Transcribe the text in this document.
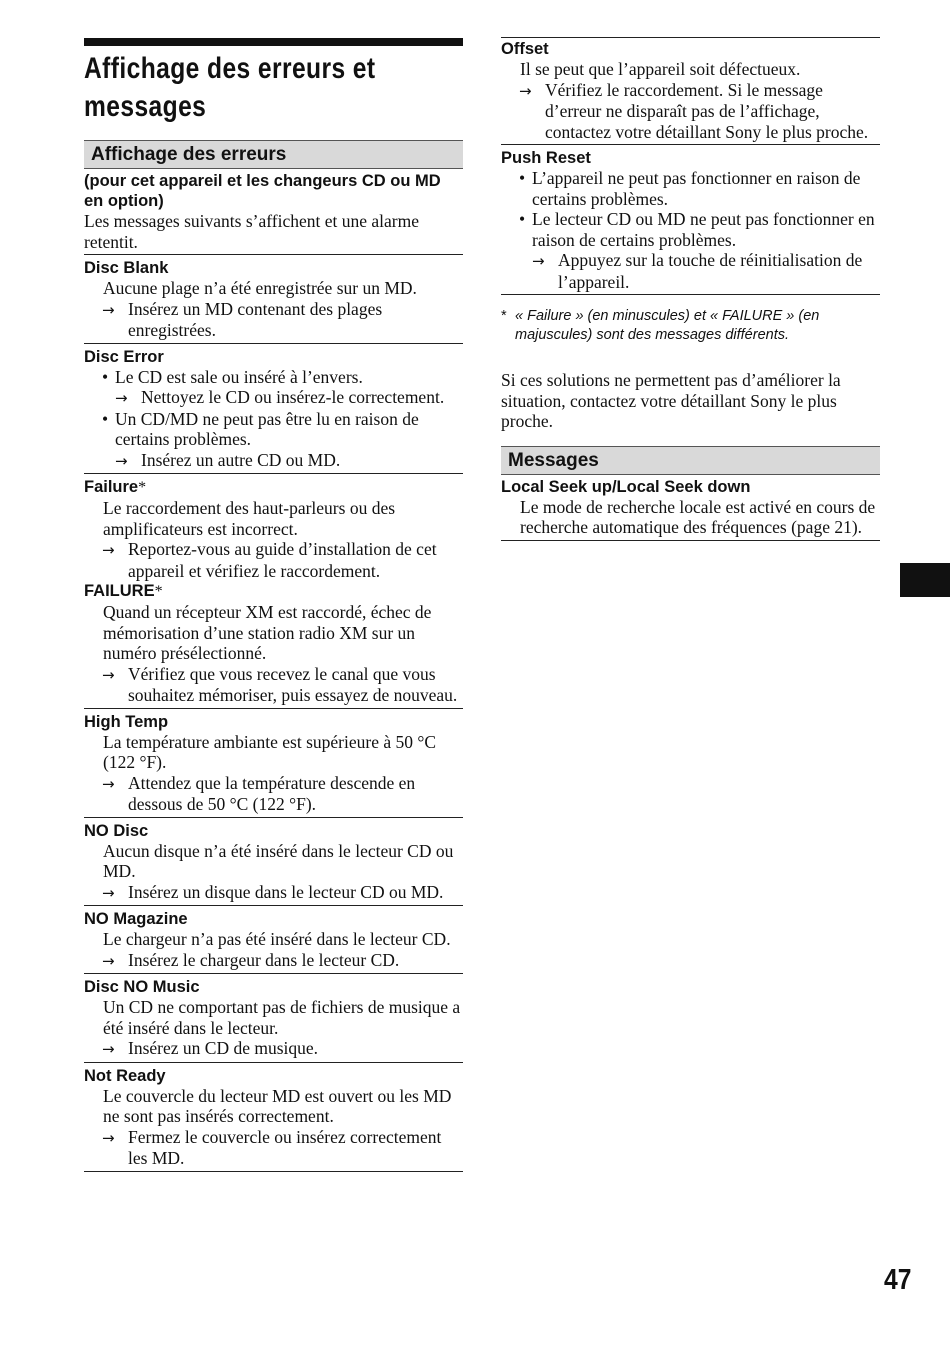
Affichage des erreurs et messages
Affichage des erreurs
(pour cet appareil et les changeurs CD ou MD en option)
Les messages suivants s’affichent et une alarme retentit.
Disc Blank
Aucune plage n’a été enregistrée sur un MD.
→ Insérez un MD contenant des plages enregistrées.
Disc Error
• Le CD est sale ou inséré à l’envers.
→ Nettoyez le CD ou insérez-le correctement.
• Un CD/MD ne peut pas être lu en raison de certains problèmes.
→ Insérez un autre CD ou MD.
Failure*
Le raccordement des haut-parleurs ou des amplificateurs est incorrect.
→ Reportez-vous au guide d’installation de cet appareil et vérifiez le raccordement.
FAILURE*
Quand un récepteur XM est raccordé, échec de mémorisation d’une station radio XM sur un numéro présélectionné.
→ Vérifiez que vous recevez le canal que vous souhaitez mémoriser, puis essayez de nouveau.
High Temp
La température ambiante est supérieure à 50 °C (122 °F).
→ Attendez que la température descende en dessous de 50 °C (122 °F).
NO Disc
Aucun disque n’a été inséré dans le lecteur CD ou MD.
→ Insérez un disque dans le lecteur CD ou MD.
NO Magazine
Le chargeur n’a pas été inséré dans le lecteur CD.
→ Insérez le chargeur dans le lecteur CD.
Disc NO Music
Un CD ne comportant pas de fichiers de musique a été inséré dans le lecteur.
→ Insérez un CD de musique.
Not Ready
Le couvercle du lecteur MD est ouvert ou les MD ne sont pas insérés correctement.
→ Fermez le couvercle ou insérez correctement les MD.
Offset
Il se peut que l’appareil soit défectueux.
→ Vérifiez le raccordement. Si le message d’erreur ne disparaît pas de l’affichage, contactez votre détaillant Sony le plus proche.
Push Reset
• L’appareil ne peut pas fonctionner en raison de certains problèmes.
• Le lecteur CD ou MD ne peut pas fonctionner en raison de certains problèmes.
→ Appuyez sur la touche de réinitialisation de l’appareil.
* « Failure » (en minuscules) et « FAILURE » (en majuscules) sont des messages différents.
Si ces solutions ne permettent pas d’améliorer la situation, contactez votre détaillant Sony le plus proche.
Messages
Local Seek up/Local Seek down
Le mode de recherche locale est activé en cours de recherche automatique des fréquences (page 21).
47
